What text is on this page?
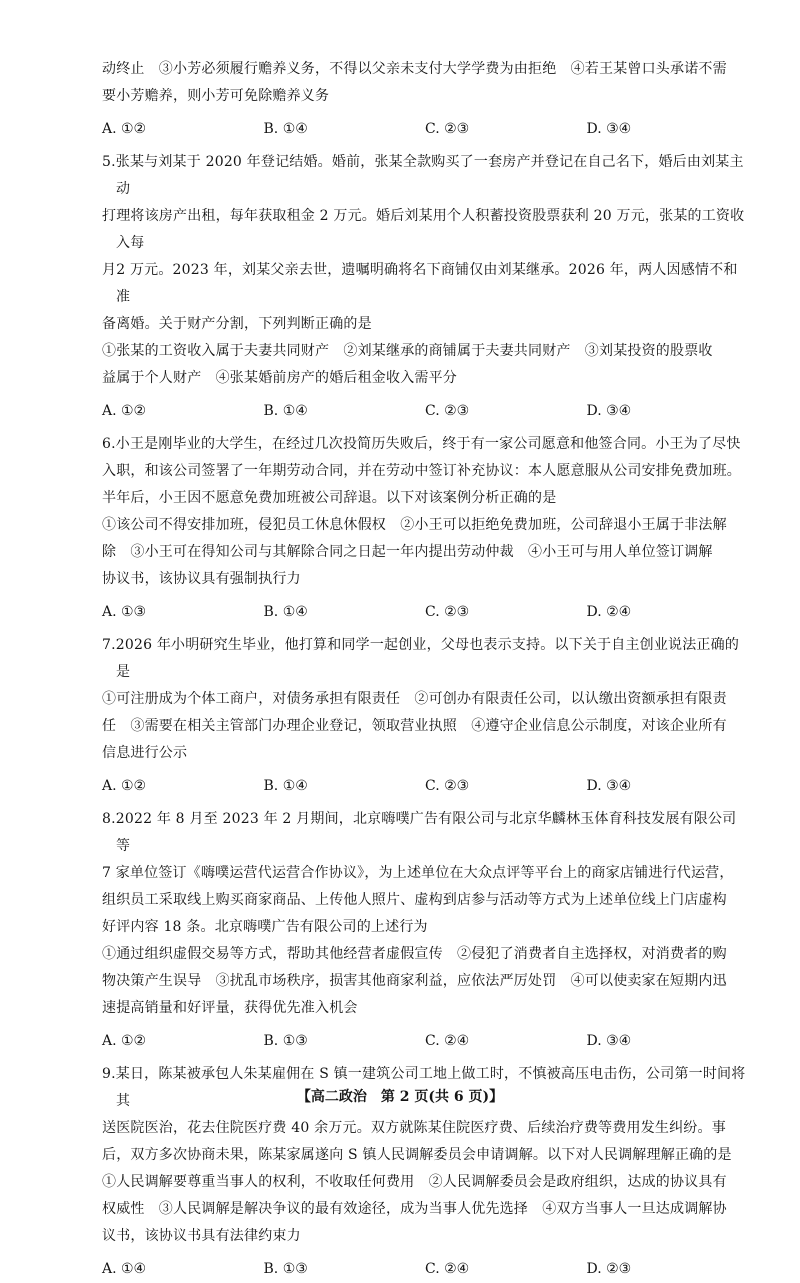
动终止　③小芳必须履行赡养义务，不得以父亲未支付大学学费为由拒绝　④若王某曾口头承诺不需

要小芳赡养，则小芳可免除赡养义务

A. ①②	B. ①④	C. ②③	D. ③④

5.张某与刘某于 2020 年登记结婚。婚前，张某全款购买了一套房产并登记在自己名下，婚后由刘某主动

打理将该房产出租，每年获取租金 2 万元。婚后刘某用个人积蓄投资股票获利 20 万元，张某的工资收入每

月2 万元。2023 年，刘某父亲去世，遗嘱明确将名下商铺仅由刘某继承。2026 年，两人因感情不和准

备离婚。关于财产分割，下列判断正确的是

①张某的工资收入属于夫妻共同财产　②刘某继承的商铺属于夫妻共同财产　③刘某投资的股票收

益属于个人财产　④张某婚前房产的婚后租金收入需平分

A. ①②	B. ①④	C. ②③	D. ③④

6.小王是刚毕业的大学生，在经过几次投简历失败后，终于有一家公司愿意和他签合同。小王为了尽快

入职，和该公司签署了一年期劳动合同，并在劳动中签订补充协议：本人愿意服从公司安排免费加班。

半年后，小王因不愿意免费加班被公司辞退。以下对该案例分析正确的是

①该公司不得安排加班，侵犯员工休息休假权　②小王可以拒绝免费加班，公司辞退小王属于非法解

除　③小王可在得知公司与其解除合同之日起一年内提出劳动仲裁　④小王可与用人单位签订调解

协议书，该协议具有强制执行力

A. ①③	B. ①④	C. ②③	D. ②④

7.2026 年小明研究生毕业，他打算和同学一起创业，父母也表示支持。以下关于自主创业说法正确的是

①可注册成为个体工商户，对债务承担有限责任　②可创办有限责任公司，以认缴出资额承担有限责

任　③需要在相关主管部门办理企业登记，领取营业执照　④遵守企业信息公示制度，对该企业所有

信息进行公示

A. ①②	B. ①④	C. ②③	D. ③④

8.2022 年 8 月至 2023 年 2 月期间，北京嗨噗广告有限公司与北京华麟林玉体育科技发展有限公司等

7 家单位签订《嗨噗运营代运营合作协议》，为上述单位在大众点评等平台上的商家店铺进行代运营，

组织员工采取线上购买商家商品、上传他人照片、虚构到店参与活动等方式为上述单位线上门店虚构

好评内容 18 条。北京嗨噗广告有限公司的上述行为

①通过组织虚假交易等方式，帮助其他经营者虚假宣传　②侵犯了消费者自主选择权，对消费者的购

物决策产生误导　③扰乱市场秩序，损害其他商家利益，应依法严厉处罚　④可以使卖家在短期内迅

速提高销量和好评量，获得优先准入机会

A. ①②	B. ①③	C. ②④	D. ③④

9.某日，陈某被承包人朱某雇佣在 S 镇一建筑公司工地上做工时，不慎被高压电击伤，公司第一时间将其

送医院医治，花去住院医疗费 40 余万元。双方就陈某住院医疗费、后续治疗费等费用发生纠纷。事

后，双方多次协商未果，陈某家属遂向 S 镇人民调解委员会申请调解。以下对人民调解理解正确的是

①人民调解要尊重当事人的权利，不收取任何费用　②人民调解委员会是政府组织，达成的协议具有

权威性　③人民调解是解决争议的最有效途径，成为当事人优先选择　④双方当事人一旦达成调解协

议书，该协议书具有法律约束力

A. ①④	B. ①③	C. ②④	D. ②③
【高二政治　第 2 页(共 6 页)】
